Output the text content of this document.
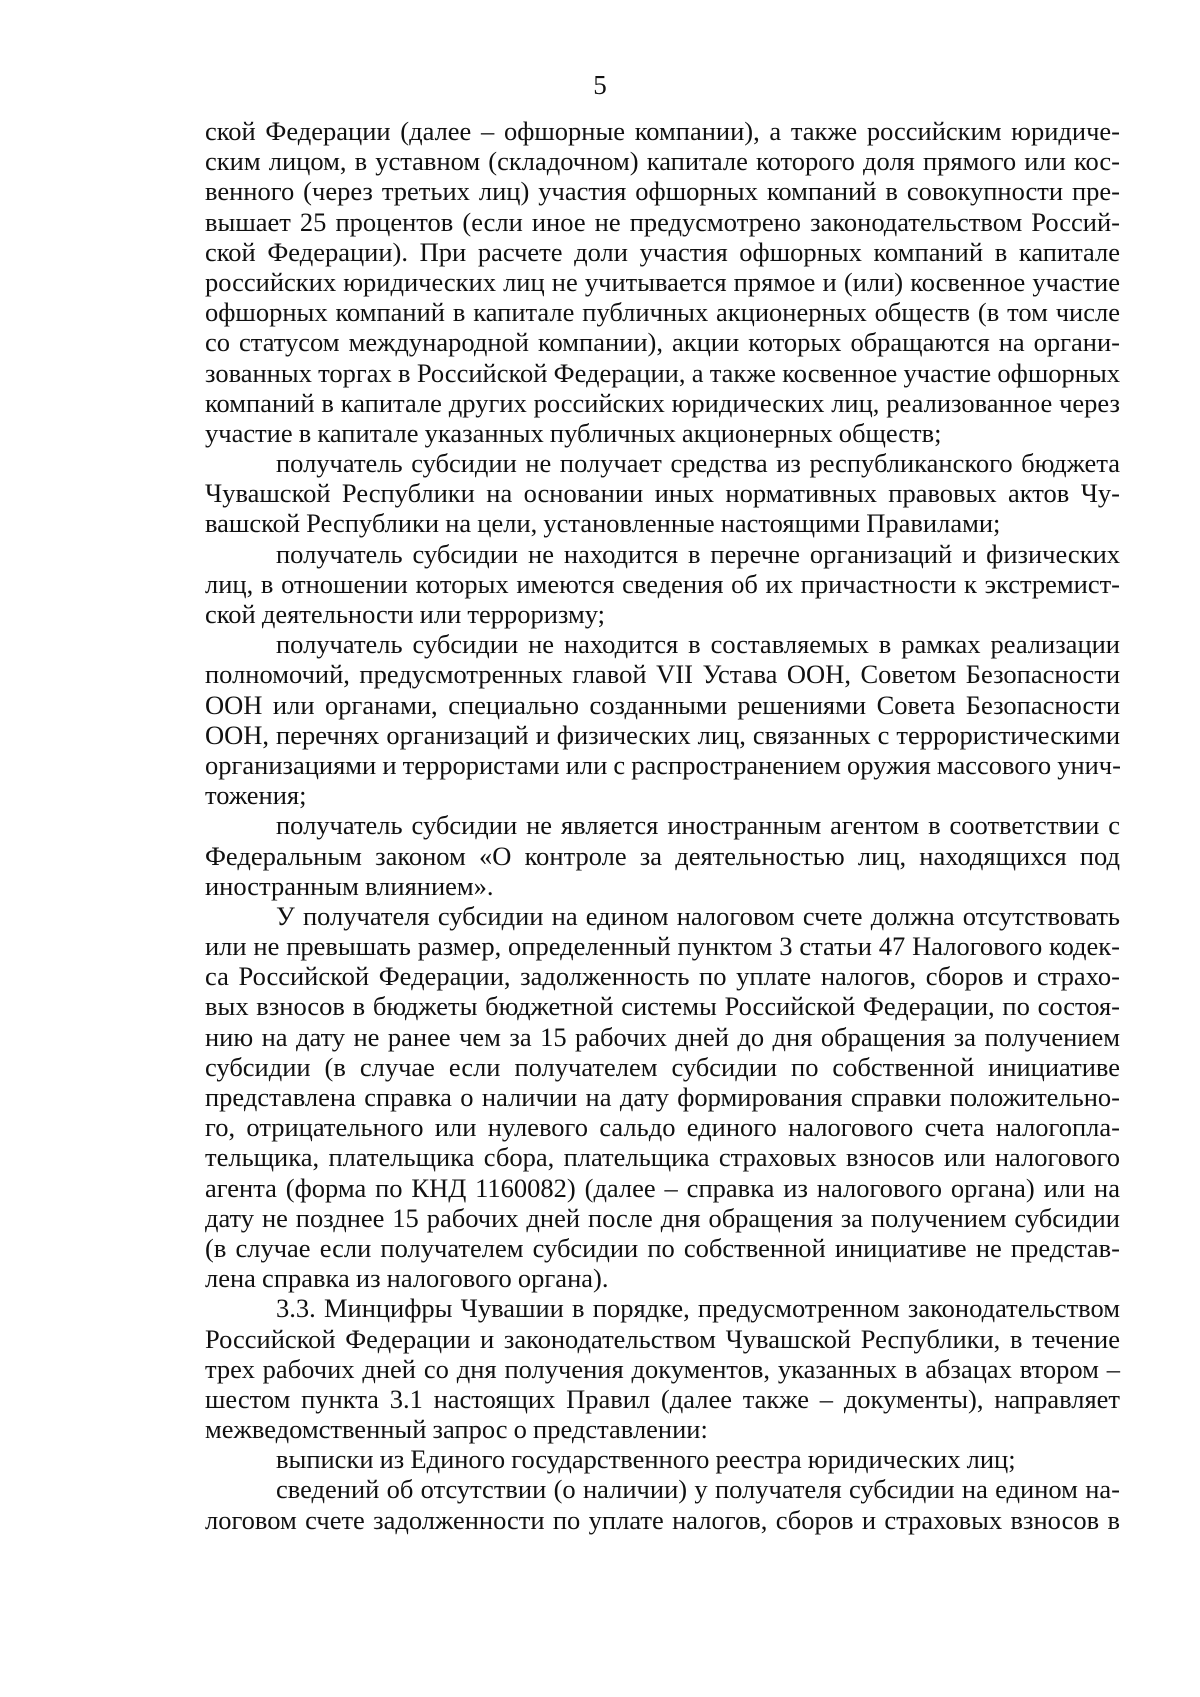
5
ской Федерации (далее – офшорные компании), а также российским юридиче-
ским лицом, в уставном (складочном) капитале которого доля прямого или кос-
венного (через третьих лиц) участия офшорных компаний в совокупности пре-
вышает 25 процентов (если иное не предусмотрено законодательством Россий-
ской Федерации). При расчете доли участия офшорных компаний в капитале
российских юридических лиц не учитывается прямое и (или) косвенное участие
офшорных компаний в капитале публичных акционерных обществ (в том числе
со статусом международной компании), акции которых обращаются на органи-
зованных торгах в Российской Федерации, а также косвенное участие офшорных
компаний в капитале других российских юридических лиц, реализованное через
участие в капитале указанных публичных акционерных обществ;
получатель субсидии не получает средства из республиканского бюджета
Чувашской Республики на основании иных нормативных правовых актов Чу-
вашской Республики на цели, установленные настоящими Правилами;
получатель субсидии не находится в перечне организаций и физических
лиц, в отношении которых имеются сведения об их причастности к экстремист-
ской деятельности или терроризму;
получатель субсидии не находится в составляемых в рамках реализации
полномочий, предусмотренных главой VII Устава ООН, Советом Безопасности
ООН или органами, специально созданными решениями Совета Безопасности
ООН, перечнях организаций и физических лиц, связанных с террористическими
организациями и террористами или с распространением оружия массового унич-
тожения;
получатель субсидии не является иностранным агентом в соответствии с
Федеральным законом «О контроле за деятельностью лиц, находящихся под
иностранным влиянием».
У получателя субсидии на едином налоговом счете должна отсутствовать
или не превышать размер, определенный пунктом 3 статьи 47 Налогового кодек-
са Российской Федерации, задолженность по уплате налогов, сборов и страхо-
вых взносов в бюджеты бюджетной системы Российской Федерации, по состоя-
нию на дату не ранее чем за 15 рабочих дней до дня обращения за получением
субсидии (в случае если получателем субсидии по собственной инициативе
представлена справка о наличии на дату формирования справки положительно-
го, отрицательного или нулевого сальдо единого налогового счета налогопла-
тельщика, плательщика сбора, плательщика страховых взносов или налогового
агента (форма по КНД 1160082) (далее – справка из налогового органа) или на
дату не позднее 15 рабочих дней после дня обращения за получением субсидии
(в случае если получателем субсидии по собственной инициативе не представ-
лена справка из налогового органа).
3.3. Минцифры Чувашии в порядке, предусмотренном законодательством
Российской Федерации и законодательством Чувашской Республики, в течение
трех рабочих дней со дня получения документов, указанных в абзацах втором –
шестом пункта 3.1 настоящих Правил (далее также – документы), направляет
межведомственный запрос о представлении:
выписки из Единого государственного реестра юридических лиц;
сведений об отсутствии (о наличии) у получателя субсидии на едином на-
логовом счете задолженности по уплате налогов, сборов и страховых взносов в
